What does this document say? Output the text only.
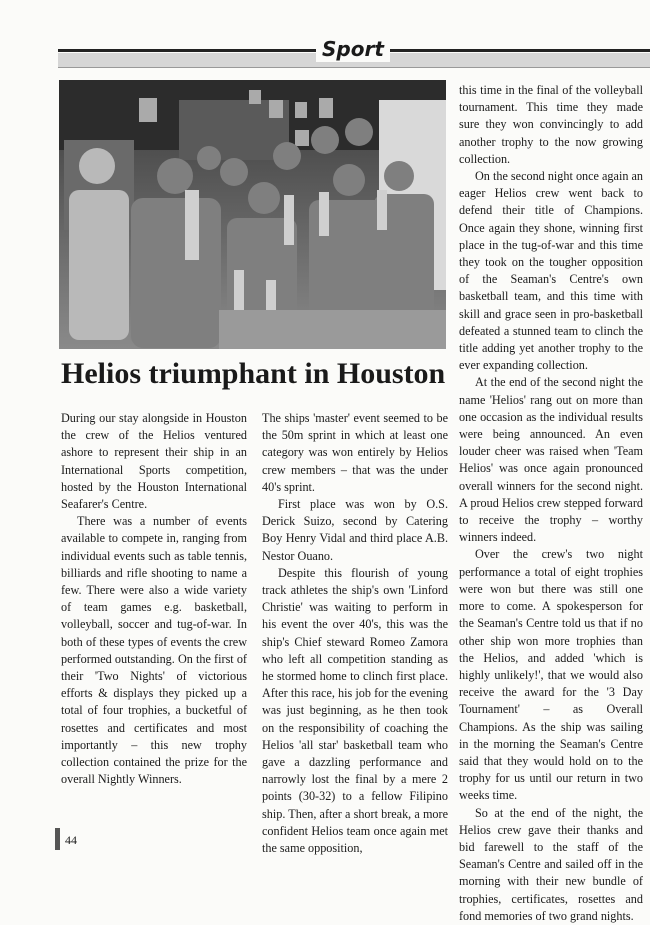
Sport
Helios triumphant in Houston

During our stay alongside in Houston the crew of the Helios ventured ashore to represent their ship in an International Sports competition, hosted by the Houston International Seafarer's Centre.

There was a number of events available to compete in, ranging from individual events such as table tennis, billiards and rifle shooting to name a few. There were also a wide variety of team games e.g. basketball, volleyball, soccer and tug-of-war. In both of these types of events the crew performed outstanding. On the first of their 'Two Nights' of victorious efforts & displays they picked up a total of four trophies, a bucketful of rosettes and certificates and most importantly – this new trophy collection contained the prize for the overall Nightly Winners.

The ships 'master' event seemed to be the 50m sprint in which at least one category was won entirely by Helios crew members – that was the under 40's sprint.

First place was won by O.S. Derick Suizo, second by Catering Boy Henry Vidal and third place A.B. Nestor Ouano.

Despite this flourish of young track athletes the ship's own 'Linford Christie' was waiting to perform in his event the over 40's, this was the ship's Chief steward Romeo Zamora who left all competition standing as he stormed home to clinch first place. After this race, his job for the evening was just beginning, as he then took on the responsibility of coaching the Helios 'all star' basketball team who gave a dazzling performance and narrowly lost the final by a mere 2 points (30-32) to a fellow Filipino ship. Then, after a short break, a more confident Helios team once again met the same opposition,

this time in the final of the volleyball tournament. This time they made sure they won convincingly to add another trophy to the now growing collection.

On the second night once again an eager Helios crew went back to defend their title of Champions. Once again they shone, winning first place in the tug-of-war and this time they took on the tougher opposition of the Seaman's Centre's own basketball team, and this time with skill and grace seen in pro-basketball defeated a stunned team to clinch the title adding yet another trophy to the ever expanding collection.

At the end of the second night the name 'Helios' rang out on more than one occasion as the individual results were being announced. An even louder cheer was raised when 'Team Helios' was once again pronounced overall winners for the second night. A proud Helios crew stepped forward to receive the trophy – worthy winners indeed.

Over the crew's two night performance a total of eight trophies were won but there was still one more to come. A spokesperson for the Seaman's Centre told us that if no other ship won more trophies than the Helios, and added 'which is highly unlikely!', that we would also receive the award for the '3 Day Tournament' – as Overall Champions. As the ship was sailing in the morning the Seaman's Centre said that they would hold on to the trophy for us until our return in two weeks time.

So at the end of the night, the Helios crew gave their thanks and bid farewell to the staff of the Seaman's Centre and sailed off in the morning with their new bundle of trophies, certificates, rosettes and fond memories of two grand nights.

44
